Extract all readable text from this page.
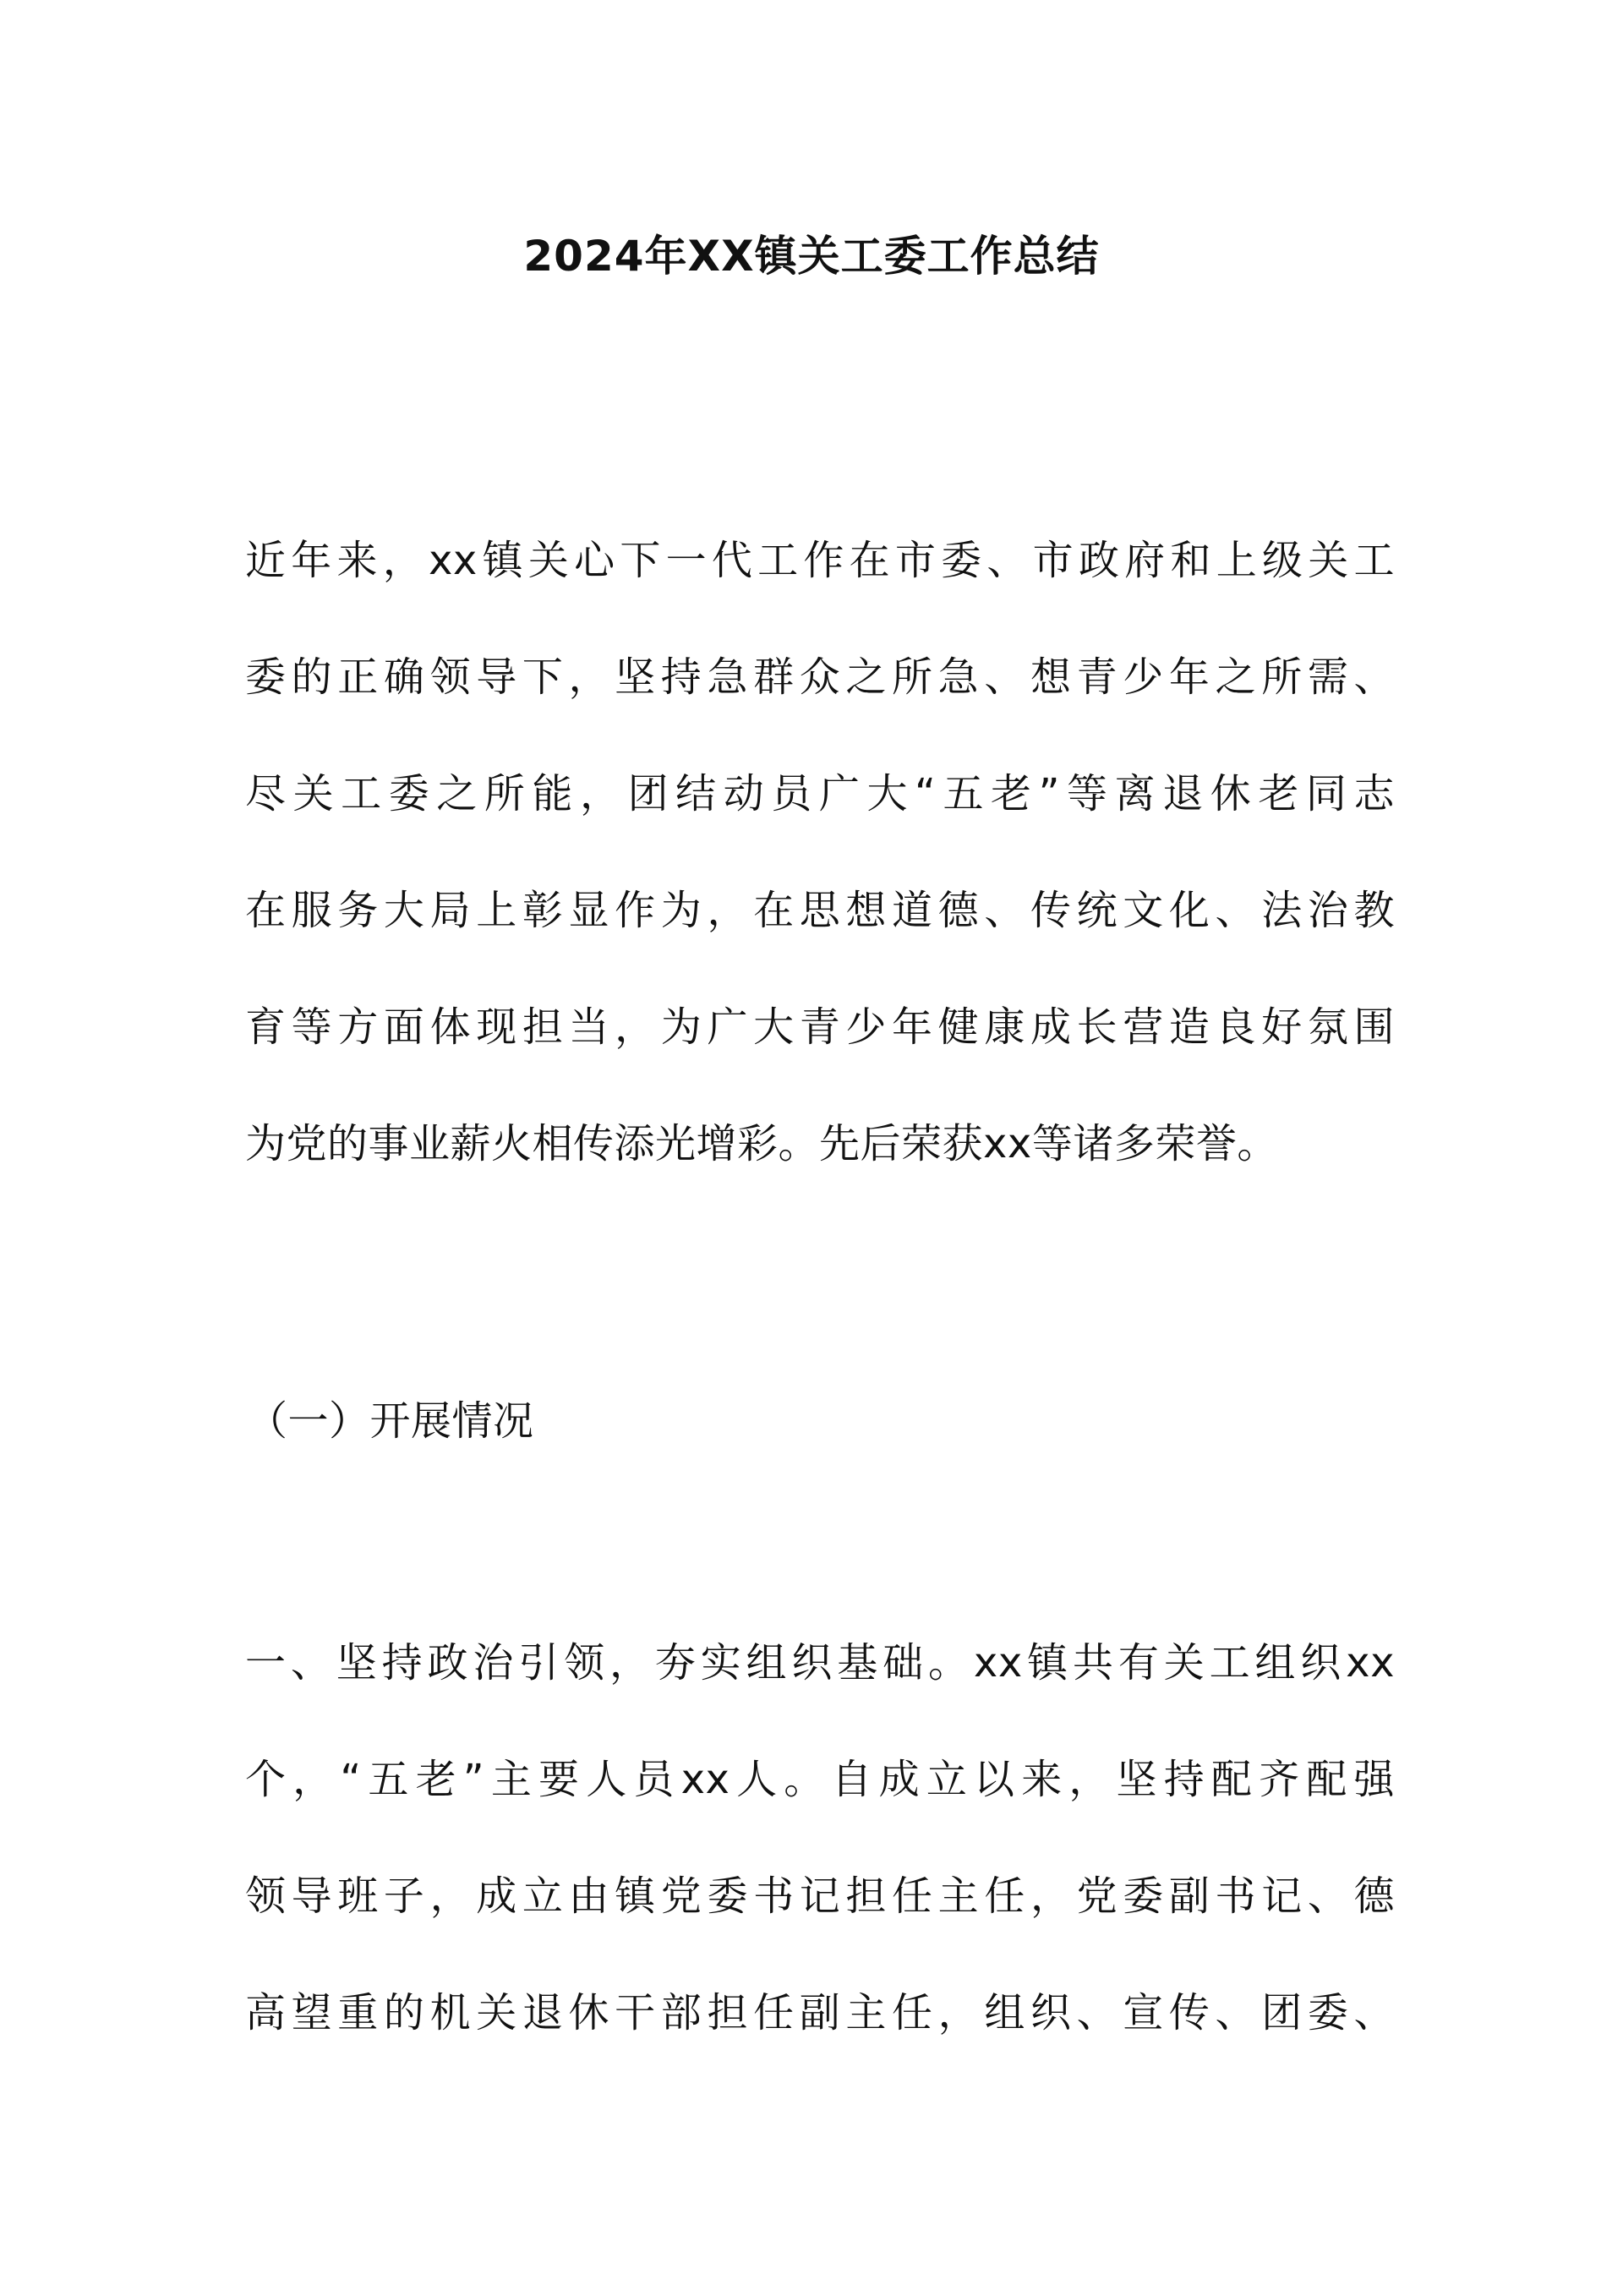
2024年XX镇关工委工作总结
近年来，xx镇关心下一代工作在市委、市政府和上级关工
委的正确领导下，坚持急群众之所急、想青少年之所需、
尽关工委之所能，团结动员广大“五老”等离退休老同志
在服务大局上彰显作为，在思想道德、传统文化、法治教
育等方面体现担当，为广大青少年健康成长营造良好氛围
为党的事业薪火相传添光增彩。先后荣获xx等诸多荣誉。
（一）开展情况
一、坚持政治引领，夯实组织基础。xx镇共有关工组织xx
个，“五老”主要人员xx人。自成立以来，坚持配齐配强
领导班子，成立由镇党委书记担任主任，党委副书记、德
高望重的机关退休干部担任副主任，组织、宣传、团委、
